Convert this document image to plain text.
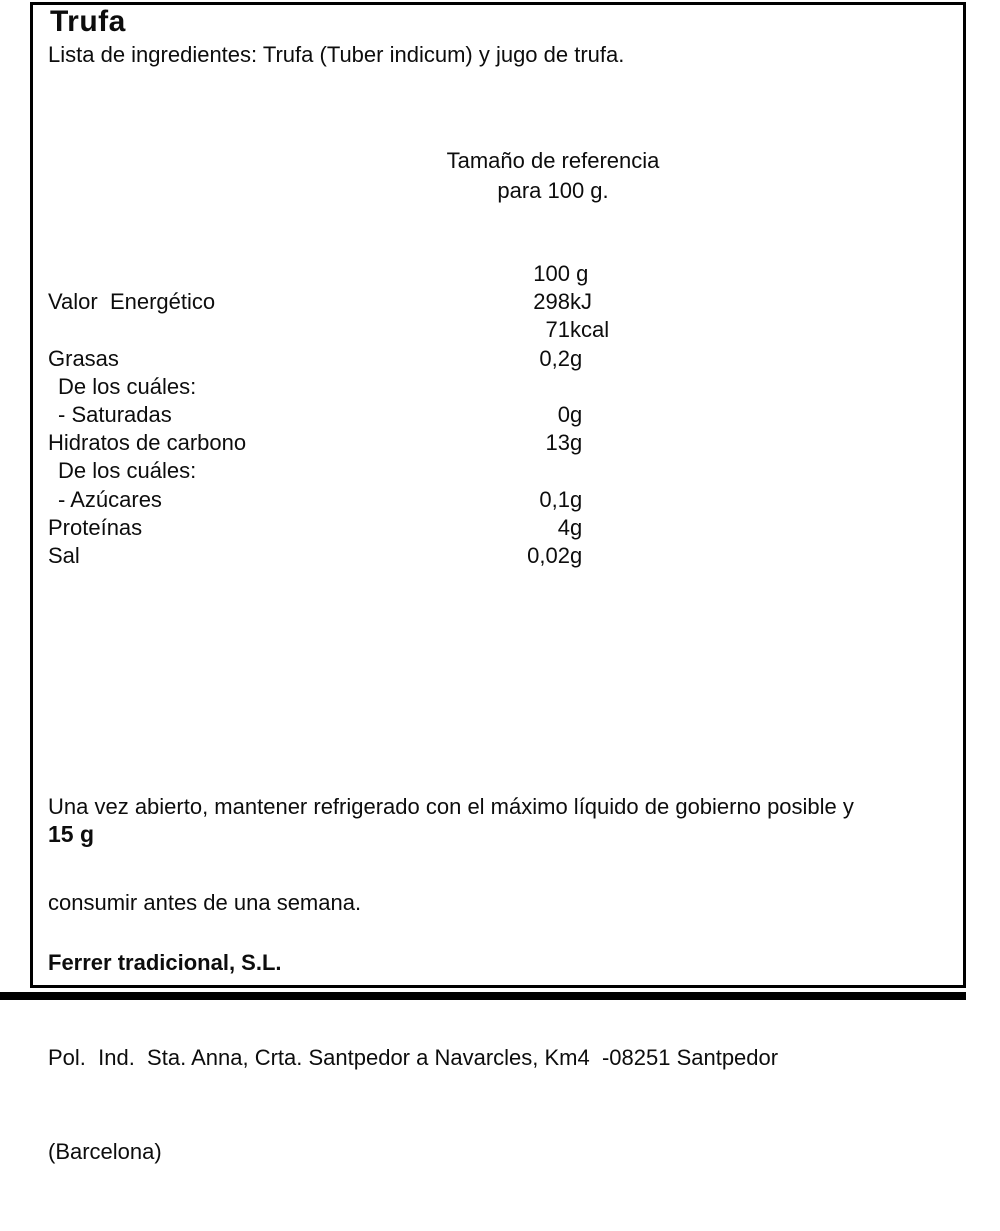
Trufa
Lista de ingredientes: Trufa (Tuber indicum) y jugo de trufa.
Tamaño de referencia
para 100 g.
100 g
Valor  Energético	298 kJ
71 kcal
Grasas	0,2 g
De los cuáles:
- Saturadas	0 g
Hidratos de carbono	13 g
De los cuáles:
- Azúcares	0,1 g
Proteínas	4 g
Sal	0,02 g

Una vez abierto, mantener refrigerado con el máximo líquido de gobierno posible y

consumir antes de una semana.

15 g

Ferrer tradicional, S.L.

Pol.  Ind.  Sta. Anna, Crta. Santpedor a Navarcles, Km4  -08251 Santpedor

(Barcelona)
